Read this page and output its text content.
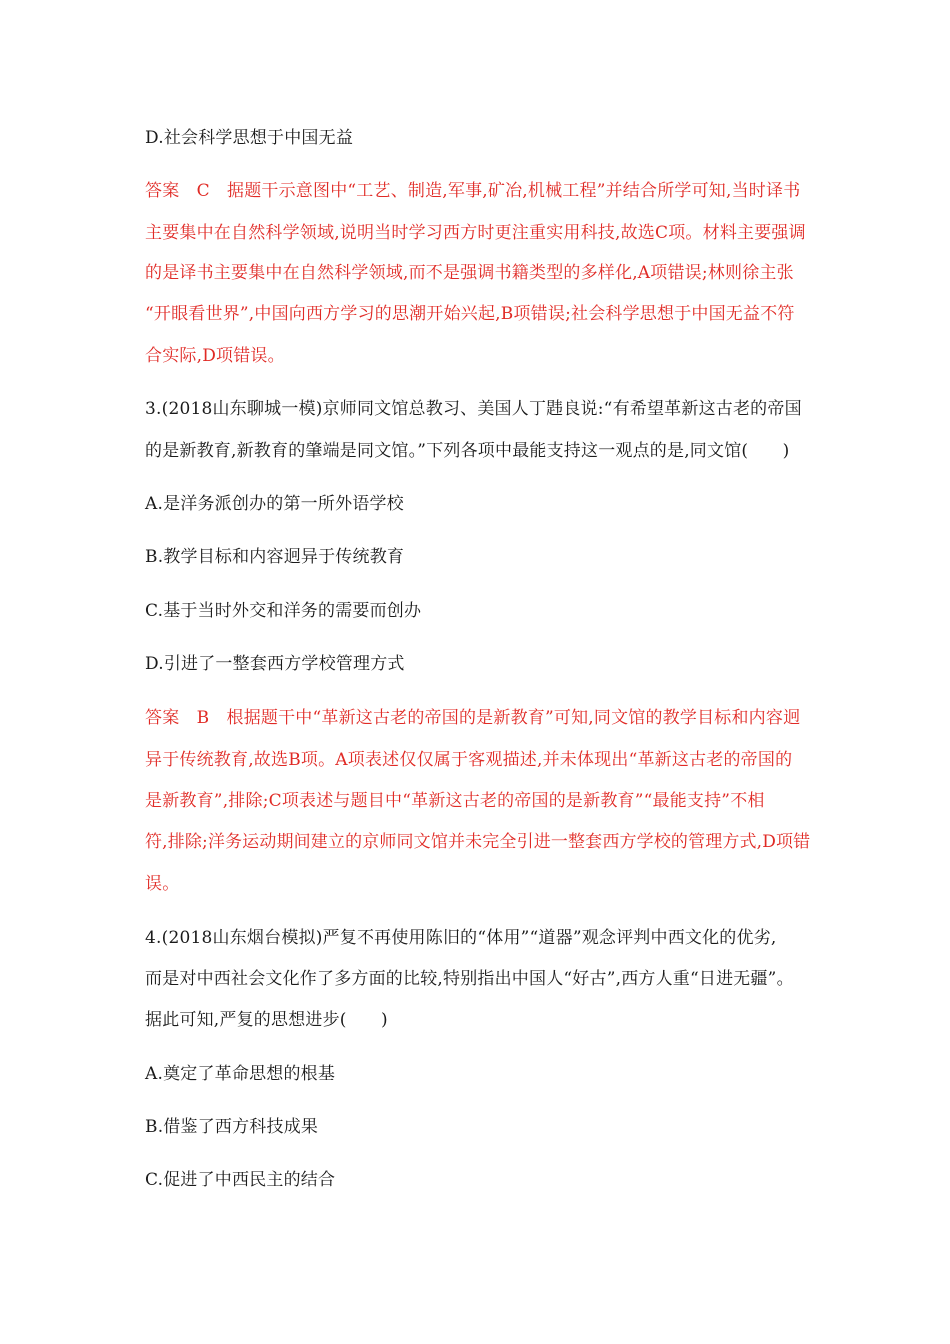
D.社会科学思想于中国无益
答案　C　据题干示意图中“工艺、制造,军事,矿冶,机械工程”并结合所学可知,当时译书
主要集中在自然科学领域,说明当时学习西方时更注重实用科技,故选C项。材料主要强调
的是译书主要集中在自然科学领域,而不是强调书籍类型的多样化,A项错误;林则徐主张
“开眼看世界”,中国向西方学习的思潮开始兴起,B项错误;社会科学思想于中国无益不符
合实际,D项错误。
3.(2018山东聊城一模)京师同文馆总教习、美国人丁韪良说:“有希望革新这古老的帝国
的是新教育,新教育的肇端是同文馆。”下列各项中最能支持这一观点的是,同文馆(　　)
A.是洋务派创办的第一所外语学校
B.教学目标和内容迥异于传统教育
C.基于当时外交和洋务的需要而创办
D.引进了一整套西方学校管理方式
答案　B　根据题干中“革新这古老的帝国的是新教育”可知,同文馆的教学目标和内容迥
异于传统教育,故选B项。A项表述仅仅属于客观描述,并未体现出“革新这古老的帝国的
是新教育”,排除;C项表述与题目中“革新这古老的帝国的是新教育”“最能支持”不相
符,排除;洋务运动期间建立的京师同文馆并未完全引进一整套西方学校的管理方式,D项错
误。
4.(2018山东烟台模拟)严复不再使用陈旧的“体用”“道器”观念评判中西文化的优劣,
而是对中西社会文化作了多方面的比较,特别指出中国人“好古”,西方人重“日进无疆”。
据此可知,严复的思想进步(　　)
A.奠定了革命思想的根基
B.借鉴了西方科技成果
C.促进了中西民主的结合
